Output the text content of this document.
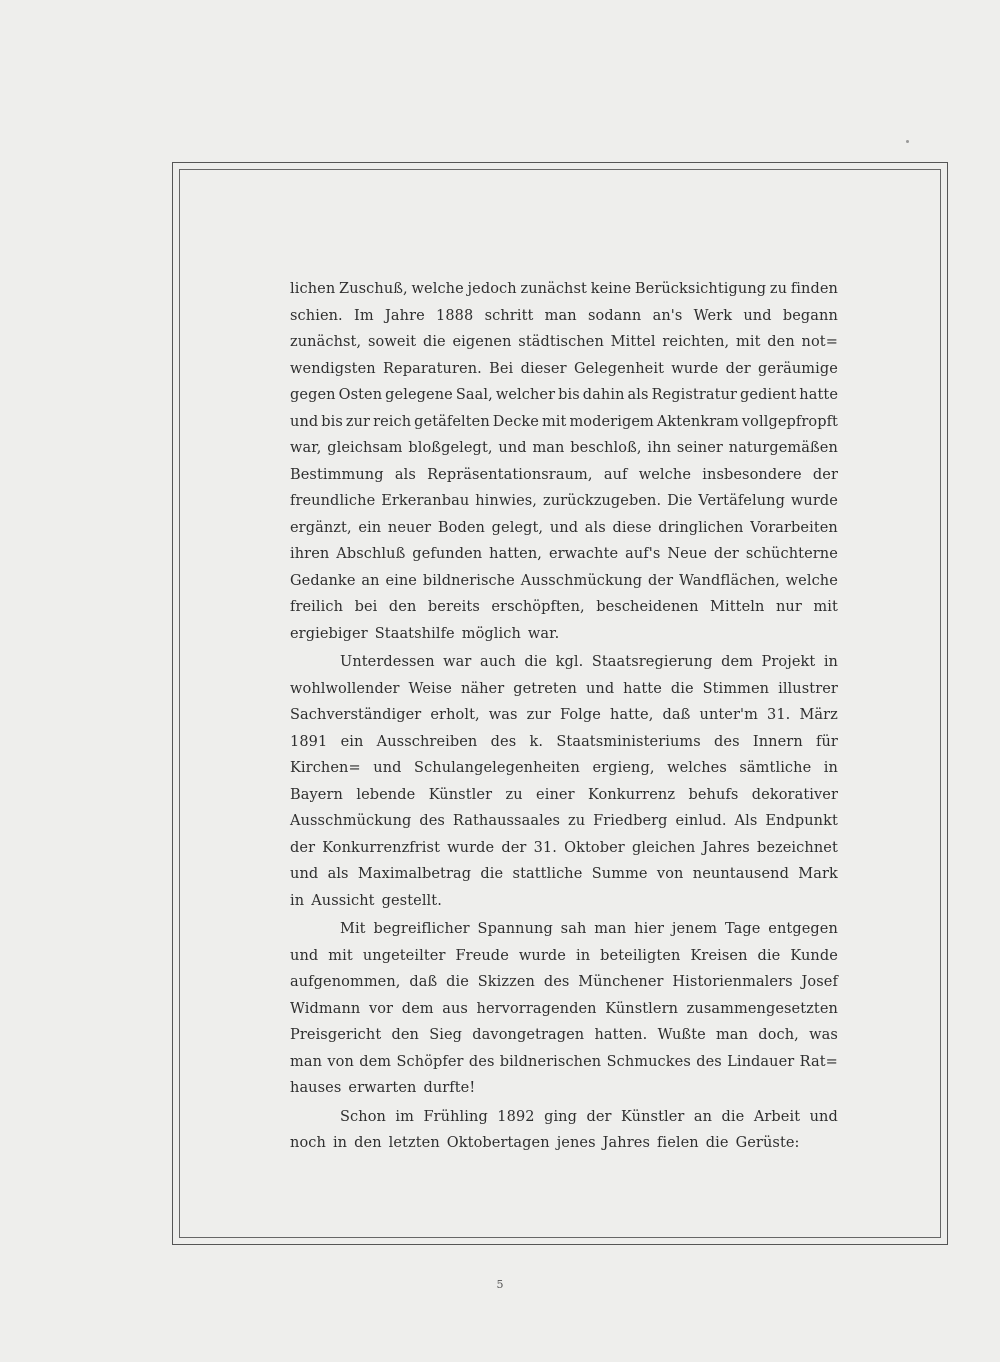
lichen Zuschuß, welche jedoch zunächst keine Berücksichtigung zu finden
schien. Im Jahre 1888 schritt man sodann an's Werk und begann
zunächst, soweit die eigenen städtischen Mittel reichten, mit den not=
wendigsten Reparaturen. Bei dieser Gelegenheit wurde der geräumige
gegen Osten gelegene Saal, welcher bis dahin als Registratur gedient hatte
und bis zur reich getäfelten Decke mit moderigem Aktenkram vollgepfropft
war, gleichsam bloßgelegt, und man beschloß, ihn seiner naturgemäßen
Bestimmung als Repräsentationsraum, auf welche insbesondere der
freundliche Erkeranbau hinwies, zurückzugeben. Die Vertäfelung wurde
ergänzt, ein neuer Boden gelegt, und als diese dringlichen Vorarbeiten
ihren Abschluß gefunden hatten, erwachte auf's Neue der schüchterne
Gedanke an eine bildnerische Ausschmückung der Wandflächen, welche
freilich bei den bereits erschöpften, bescheidenen Mitteln nur mit
ergiebiger Staatshilfe möglich war.
Unterdessen war auch die kgl. Staatsregierung dem Projekt in
wohlwollender Weise näher getreten und hatte die Stimmen illustrer
Sachverständiger erholt, was zur Folge hatte, daß unter'm 31. März
1891 ein Ausschreiben des k. Staatsministeriums des Innern für
Kirchen= und Schulangelegenheiten ergieng, welches sämtliche in
Bayern lebende Künstler zu einer Konkurrenz behufs dekorativer
Ausschmückung des Rathaussaales zu Friedberg einlud. Als Endpunkt
der Konkurrenzfrist wurde der 31. Oktober gleichen Jahres bezeichnet
und als Maximalbetrag die stattliche Summe von neuntausend Mark
in Aussicht gestellt.
Mit begreiflicher Spannung sah man hier jenem Tage entgegen
und mit ungeteilter Freude wurde in beteiligten Kreisen die Kunde
aufgenommen, daß die Skizzen des Münchener Historienmalers Josef
Widmann vor dem aus hervorragenden Künstlern zusammengesetzten
Preisgericht den Sieg davongetragen hatten. Wußte man doch, was
man von dem Schöpfer des bildnerischen Schmuckes des Lindauer Rat=
hauses erwarten durfte!
Schon im Frühling 1892 ging der Künstler an die Arbeit und
noch in den letzten Oktobertagen jenes Jahres fielen die Gerüste:
5
